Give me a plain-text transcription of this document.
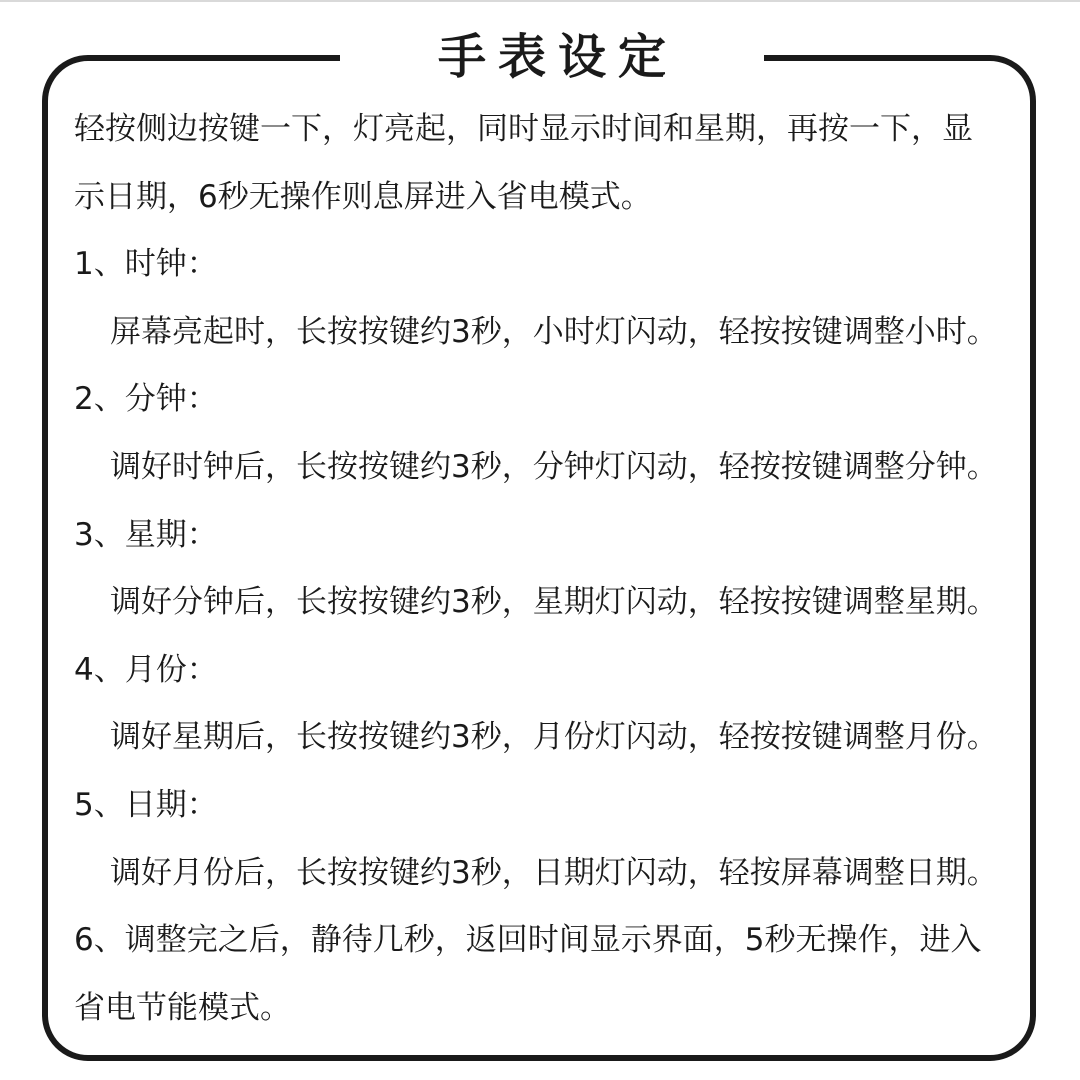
手表设定
轻按侧边按键一下，灯亮起，同时显示时间和星期，再按一下，显
示日期，6秒无操作则息屏进入省电模式。
1、时钟：
屏幕亮起时，长按按键约3秒，小时灯闪动，轻按按键调整小时。
2、分钟：
调好时钟后，长按按键约3秒，分钟灯闪动，轻按按键调整分钟。
3、星期：
调好分钟后，长按按键约3秒，星期灯闪动，轻按按键调整星期。
4、月份：
调好星期后，长按按键约3秒，月份灯闪动，轻按按键调整月份。
5、日期：
调好月份后，长按按键约3秒，日期灯闪动，轻按屏幕调整日期。
6、调整完之后，静待几秒，返回时间显示界面，5秒无操作，进入
省电节能模式。
